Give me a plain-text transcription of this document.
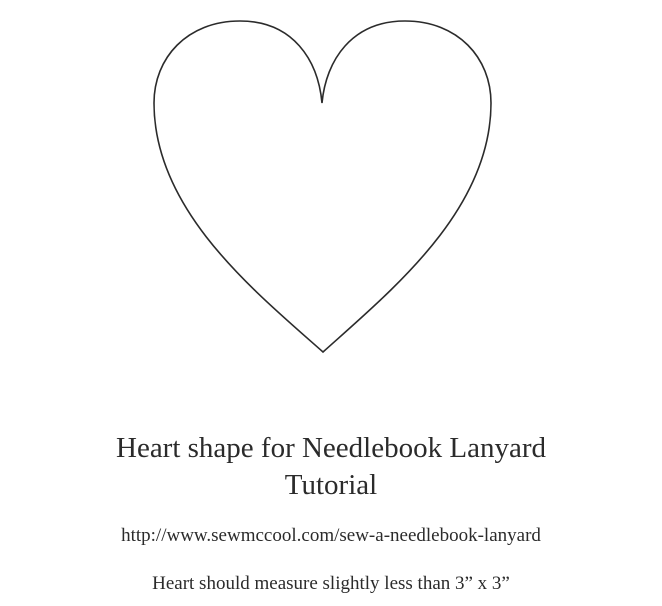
Heart shape for Needlebook Lanyard
Tutorial
http://www.sewmccool.com/sew-a-needlebook-lanyard
Heart should measure slightly less than 3” x 3”
